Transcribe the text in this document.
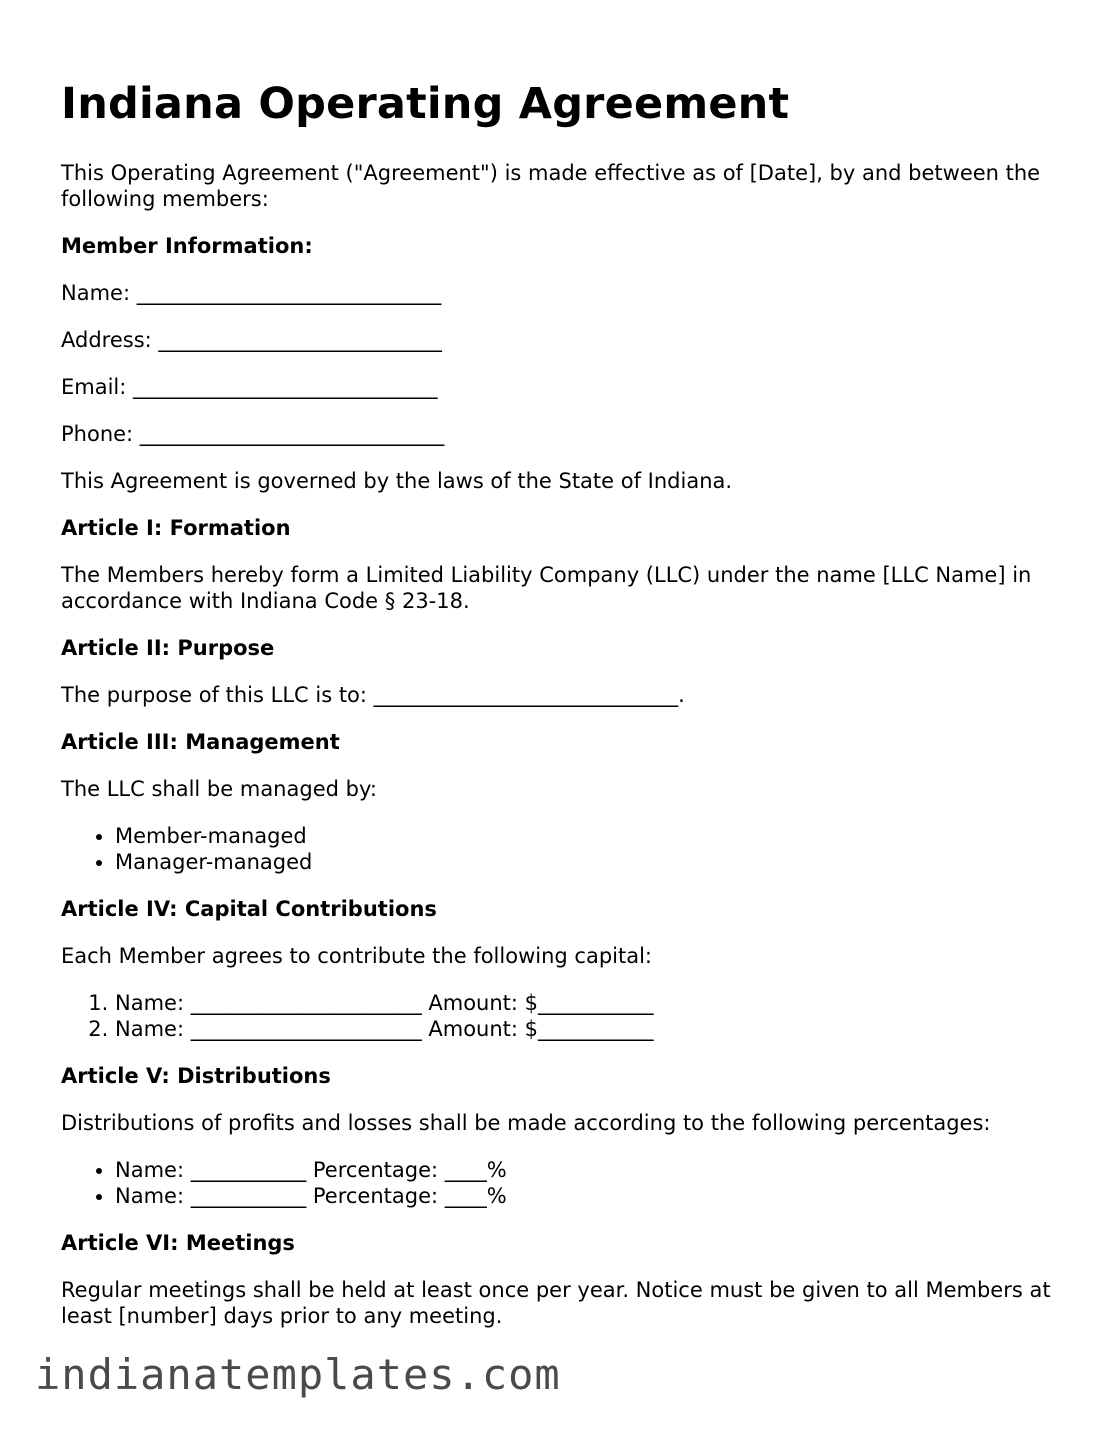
Indiana Operating Agreement

This Operating Agreement ("Agreement") is made effective as of [Date], by and between the following members:

Member Information:

Name: _____________________________

Address: ___________________________

Email: _____________________________

Phone: _____________________________

This Agreement is governed by the laws of the State of Indiana.

Article I: Formation

The Members hereby form a Limited Liability Company (LLC) under the name [LLC Name] in accordance with Indiana Code § 23-18.

Article II: Purpose

The purpose of this LLC is to: _____________________________.

Article III: Management

The LLC shall be managed by:

• Member-managed
• Manager-managed
Article IV: Capital Contributions

Each Member agrees to contribute the following capital:

1. Name: ______________________ Amount: $___________
2. Name: ______________________ Amount: $___________
Article V: Distributions

Distributions of profits and losses shall be made according to the following percentages:

• Name: ___________ Percentage: ____%
• Name: ___________ Percentage: ____%
Article VI: Meetings

Regular meetings shall be held at least once per year. Notice must be given to all Members at least [number] days prior to any meeting.

indianatemplates.com
